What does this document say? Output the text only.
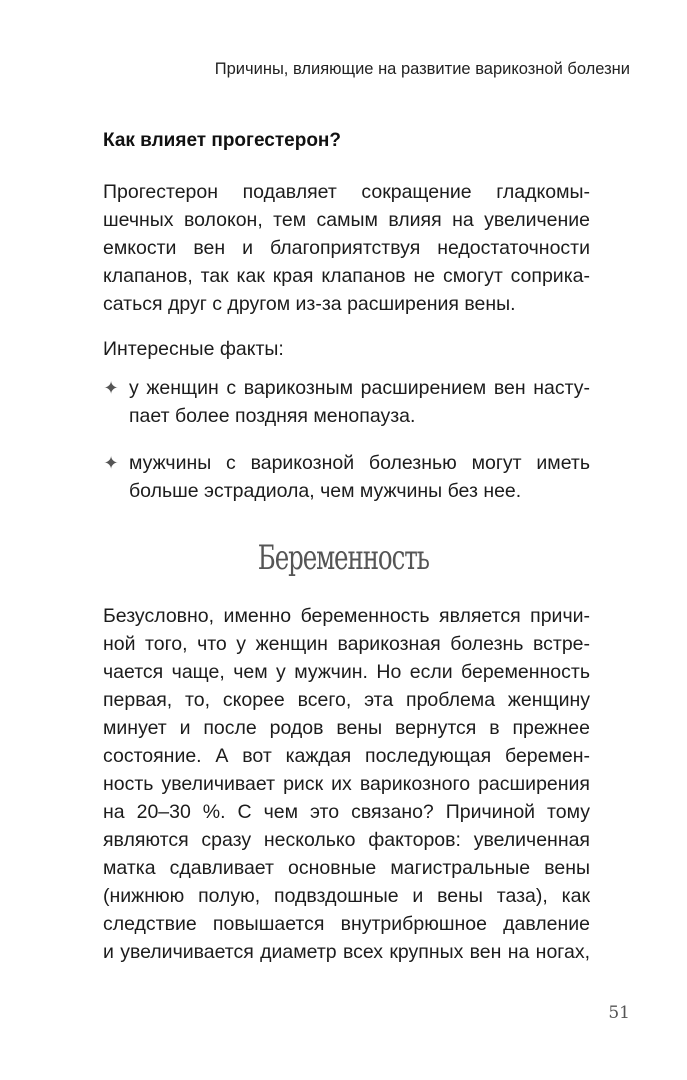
Причины, влияющие на развитие варикозной болезни
Как влияет прогестерон?
Прогестерон подавляет сокращение гладкомы-
шечных волокон, тем самым влияя на увеличение
емкости вен и благоприятствуя недостаточности
клапанов, так как края клапанов не смогут соприка-
саться друг с другом из-за расширения вены.
Интересные факты:
✦ у женщин с варикозным расширением вен насту-
пает более поздняя менопауза.
✦ мужчины с варикозной болезнью могут иметь
больше эстрадиола, чем мужчины без нее.
Беременность
Безусловно, именно беременность является причи-
ной того, что у женщин варикозная болезнь встре-
чается чаще, чем у мужчин. Но если беременность
первая, то, скорее всего, эта проблема женщину
минует и после родов вены вернутся в прежнее
состояние. А вот каждая последующая беремен-
ность увеличивает риск их варикозного расширения
на 20–30 %. С чем это связано? Причиной тому
являются сразу несколько факторов: увеличенная
матка сдавливает основные магистральные вены
(нижнюю полую, подвздошные и вены таза), как
следствие повышается внутрибрюшное давление
и увеличивается диаметр всех крупных вен на ногах,
51
